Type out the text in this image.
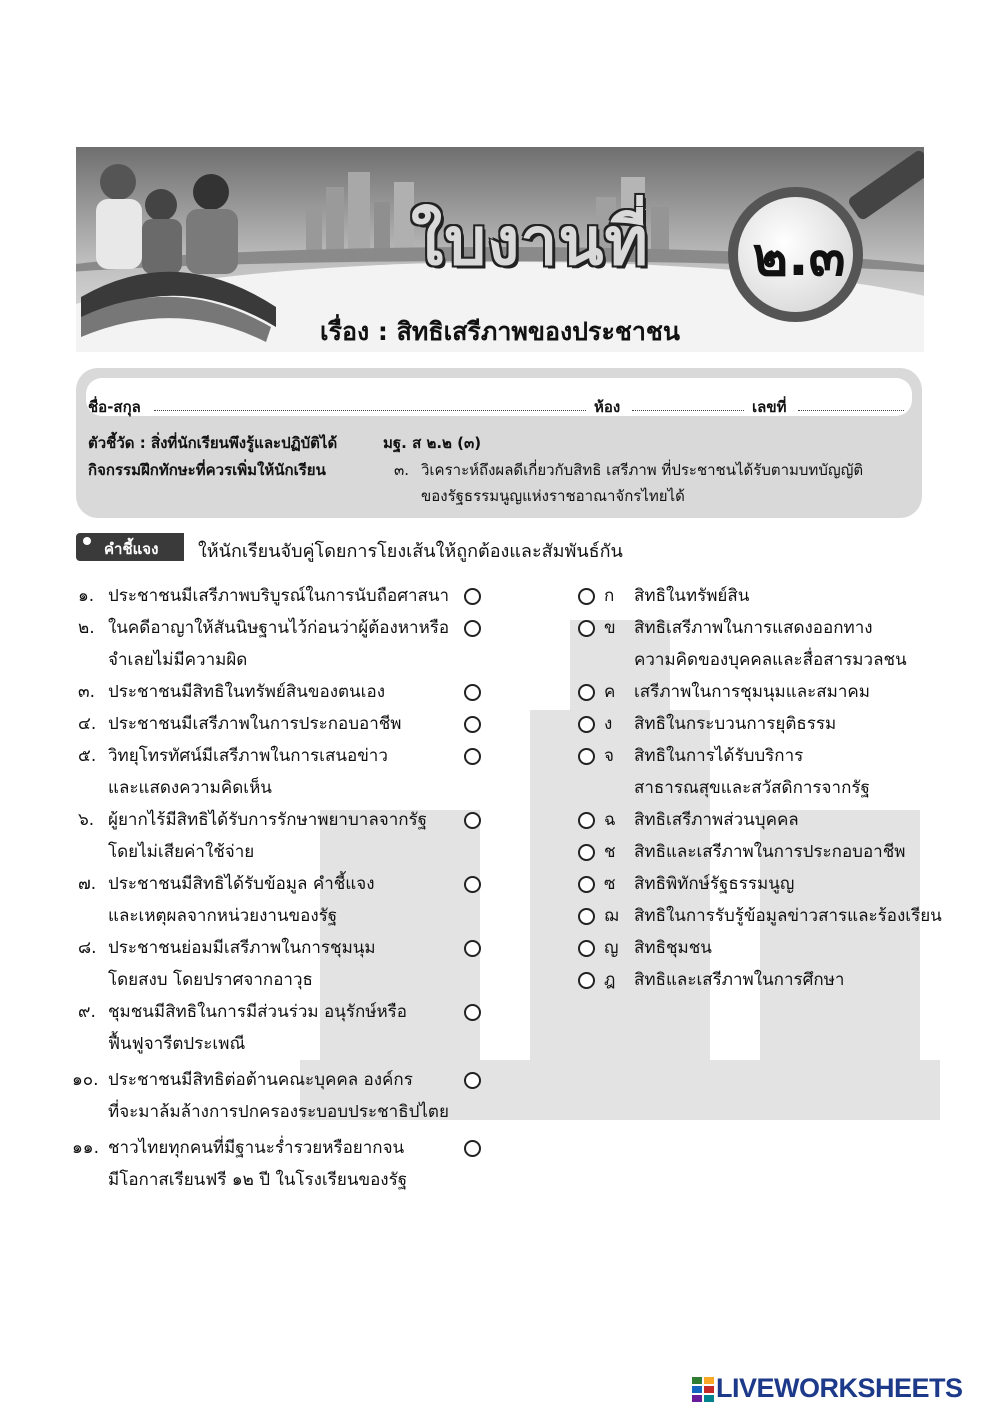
ใบงานที่ ๒.๓
เรื่อง : สิทธิเสรีภาพของประชาชน
ชื่อ-สกุล	ห้อง	เลขที่
ตัวชี้วัด : สิ่งที่นักเรียนพึงรู้และปฏิบัติได้	มฐ. ส ๒.๒ (๓)
กิจกรรมฝึกทักษะที่ควรเพิ่มให้นักเรียน	๓. วิเคราะห์ถึงผลดีเกี่ยวกับสิทธิ เสรีภาพ ที่ประชาชนได้รับตามบทบัญญัติ
ของรัฐธรรมนูญแห่งราชอาณาจักรไทยได้
คำชี้แจง ให้นักเรียนจับคู่โดยการโยงเส้นให้ถูกต้องและสัมพันธ์กัน
๑. ประชาชนมีเสรีภาพบริบูรณ์ในการนับถือศาสนา
๒. ในคดีอาญาให้สันนิษฐานไว้ก่อนว่าผู้ต้องหาหรือ
จำเลยไม่มีความผิด
๓. ประชาชนมีสิทธิในทรัพย์สินของตนเอง
๔. ประชาชนมีเสรีภาพในการประกอบอาชีพ
๕. วิทยุโทรทัศน์มีเสรีภาพในการเสนอข่าว
และแสดงความคิดเห็น
๖. ผู้ยากไร้มีสิทธิได้รับการรักษาพยาบาลจากรัฐ
โดยไม่เสียค่าใช้จ่าย
๗. ประชาชนมีสิทธิได้รับข้อมูล คำชี้แจง
และเหตุผลจากหน่วยงานของรัฐ
๘. ประชาชนย่อมมีเสรีภาพในการชุมนุม
โดยสงบ โดยปราศจากอาวุธ
๙. ชุมชนมีสิทธิในการมีส่วนร่วม อนุรักษ์หรือ
ฟื้นฟูจารีตประเพณี
๑๐. ประชาชนมีสิทธิต่อต้านคณะบุคคล องค์กร
ที่จะมาล้มล้างการปกครองระบอบประชาธิปไตย
๑๑. ชาวไทยทุกคนที่มีฐานะร่ำรวยหรือยากจน
มีโอกาสเรียนฟรี ๑๒ ปี ในโรงเรียนของรัฐ
ก สิทธิในทรัพย์สิน
ข สิทธิเสรีภาพในการแสดงออกทาง
ความคิดของบุคคลและสื่อสารมวลชน
ค เสรีภาพในการชุมนุมและสมาคม
ง สิทธิในกระบวนการยุติธรรม
จ สิทธิในการได้รับบริการ
สาธารณสุขและสวัสดิการจากรัฐ
ฉ สิทธิเสรีภาพส่วนบุคคล
ช สิทธิและเสรีภาพในการประกอบอาชีพ
ซ สิทธิพิทักษ์รัฐธรรมนูญ
ฌ สิทธิในการรับรู้ข้อมูลข่าวสารและร้องเรียน
ญ สิทธิชุมชน
ฎ สิทธิและเสรีภาพในการศึกษา
LIVEWORKSHEETS
